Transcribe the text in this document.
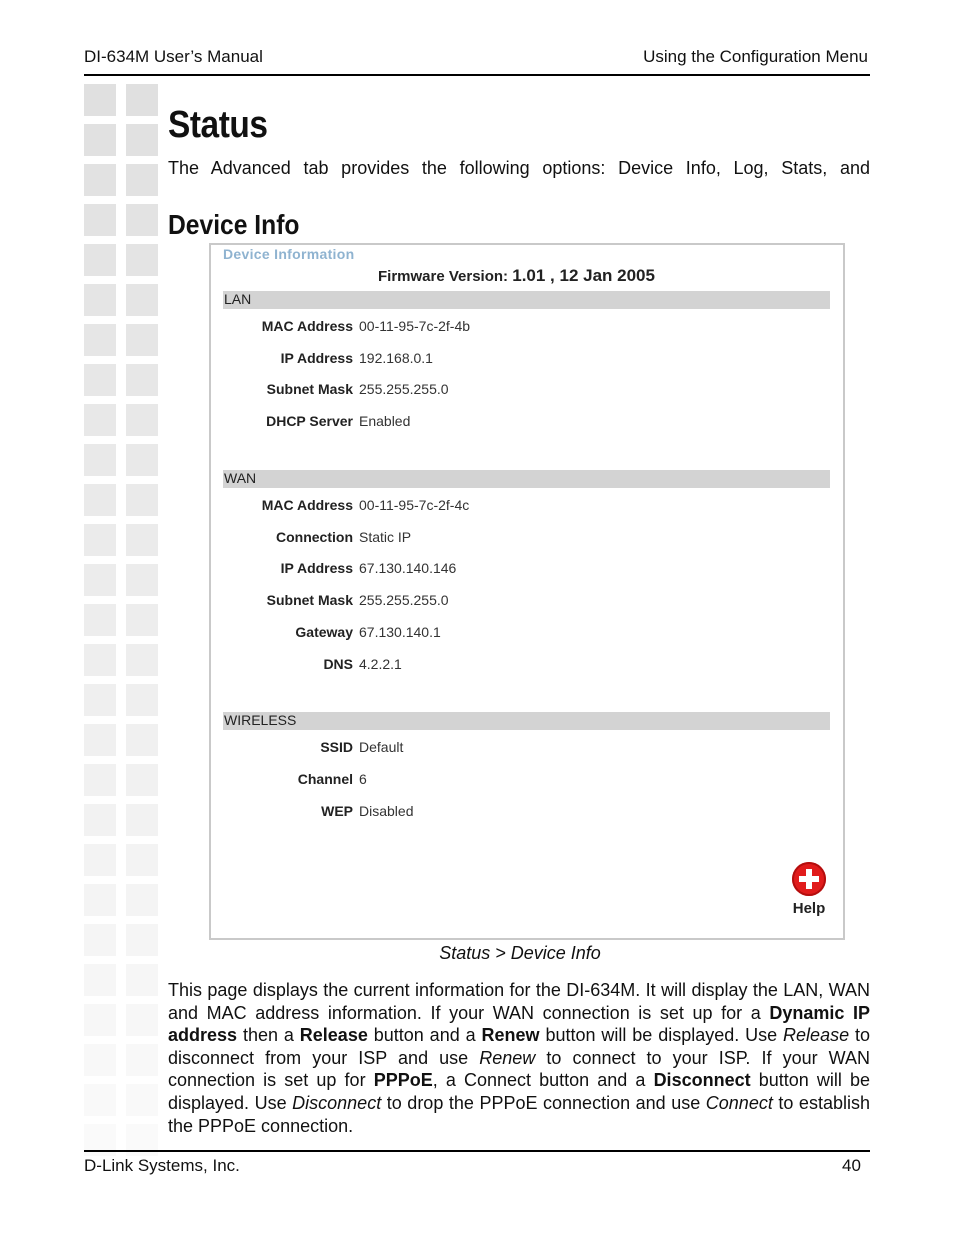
DI-634M User’s Manual	Using the Configuration Menu
Status
The Advanced tab provides the following options: Device Info, Log, Stats, and
Device Info
Device Information
Firmware Version: 1.01 , 12 Jan 2005
LAN
MAC Address 00-11-95-7c-2f-4b
IP Address 192.168.0.1
Subnet Mask 255.255.255.0
DHCP Server Enabled
WAN
MAC Address 00-11-95-7c-2f-4c
Connection Static IP
IP Address 67.130.140.146
Subnet Mask 255.255.255.0
Gateway 67.130.140.1
DNS 4.2.2.1
WIRELESS
SSID Default
Channel 6
WEP Disabled
Help
Status > Device Info

This page displays the current information for the DI-634M. It will display the LAN, WAN and MAC address information. If your WAN connection is set up for a Dynamic IP address then a Release button and a Renew button will be displayed. Use Release to disconnect from your ISP and use Renew to connect to your ISP. If your WAN connection is set up for PPPoE, a Connect button and a Disconnect button will be displayed. Use Disconnect to drop the PPPoE connection and use Connect to establish the PPPoE connection.

D-Link Systems, Inc.	40
